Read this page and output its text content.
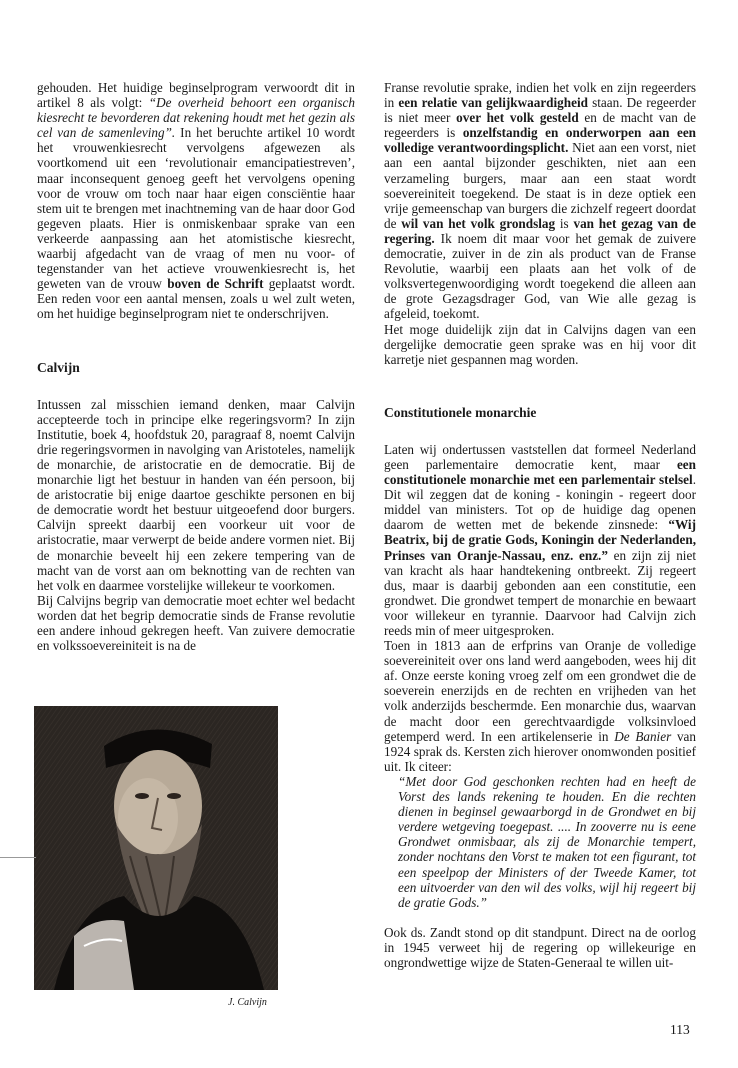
gehouden. Het huidige beginselprogram verwoordt dit in artikel 8 als volgt: “De overheid behoort een organisch kiesrecht te bevorderen dat rekening houdt met het gezin als cel van de samenleving”. In het beruchte artikel 10 wordt het vrouwenkiesrecht vervolgens afgewezen als voortkomend uit een ‘revolutionair emancipatiestreven’, maar inconsequent genoeg geeft het vervolgens opening voor de vrouw om toch naar haar eigen consciëntie haar stem uit te brengen met inachtneming van de haar door God gegeven plaats. Hier is onmiskenbaar sprake van een verkeerde aanpassing aan het atomistische kiesrecht, waarbij afgedacht van de vraag of men nu voor- of tegenstander van het actieve vrouwenkiesrecht is, het geweten van de vrouw boven de Schrift geplaatst wordt. Een reden voor een aantal mensen, zoals u wel zult weten, om het huidige beginselprogram niet te onderschrijven.

Calvijn

Intussen zal misschien iemand denken, maar Calvijn accepteerde toch in principe elke regeringsvorm? In zijn Institutie, boek 4, hoofdstuk 20, paragraaf 8, noemt Calvijn drie regeringsvormen in navolging van Aristoteles, namelijk de monarchie, de aristocratie en de democratie. Bij de monarchie ligt het bestuur in handen van één persoon, bij de aristocratie bij enige daartoe geschikte personen en bij de democratie wordt het bestuur uitgeoefend door burgers. Calvijn spreekt daarbij een voorkeur uit voor de aristocratie, maar verwerpt de beide andere vormen niet. Bij de monarchie beveelt hij een zekere tempering van de macht van de vorst aan om beknotting van de rechten van het volk en daarmee vorstelijke willekeur te voorkomen.

Bij Calvijns begrip van democratie moet echter wel bedacht worden dat het begrip democratie sinds de Franse revolutie een andere inhoud gekregen heeft. Van zuivere democratie en volkssoevereiniteit is na de

J. Calvijn

Franse revolutie sprake, indien het volk en zijn regeerders in een relatie van gelijkwaardigheid staan. De regeerder is niet meer over het volk gesteld en de macht van de regeerders is onzelfstandig en onderworpen aan een volledige verantwoordingsplicht. Niet aan een vorst, niet aan een aantal bijzonder geschikten, niet aan een verzameling burgers, maar aan een staat wordt soevereiniteit toegekend. De staat is in deze optiek een vrije gemeenschap van burgers die zichzelf regeert doordat de wil van het volk grondslag is van het gezag van de regering. Ik noem dit maar voor het gemak de zuivere democratie, zuiver in de zin als product van de Franse Revolutie, waarbij een plaats aan het volk of de volksvertegenwoordiging wordt toegekend die alleen aan de grote Gezagsdrager God, van Wie alle gezag is afgeleid, toekomt.

Het moge duidelijk zijn dat in Calvijns dagen van een dergelijke democratie geen sprake was en hij voor dit karretje niet gespannen mag worden.

Constitutionele monarchie

Laten wij ondertussen vaststellen dat formeel Nederland geen parlementaire democratie kent, maar een constitutionele monarchie met een parlementair stelsel. Dit wil zeggen dat de koning - koningin - regeert door middel van ministers. Tot op de huidige dag openen daarom de wetten met de bekende zinsnede: “Wij Beatrix, bij de gratie Gods, Koningin der Nederlanden, Prinses van Oranje-Nassau, enz. enz.” en zijn zij niet van kracht als haar handtekening ontbreekt. Zij regeert dus, maar is daarbij gebonden aan een constitutie, een grondwet. Die grondwet tempert de monarchie en bewaart voor willekeur en tyrannie. Daarvoor had Calvijn zich reeds min of meer uitgesproken.

Toen in 1813 aan de erfprins van Oranje de volledige soevereiniteit over ons land werd aangeboden, wees hij dit af. Onze eerste koning vroeg zelf om een grondwet die de soeverein enerzijds en de rechten en vrijheden van het volk anderzijds beschermde. Een monarchie dus, waarvan de macht door een gerechtvaardigde volksinvloed getemperd werd. In een artikelenserie in De Banier van 1924 sprak ds. Kersten zich hierover onomwonden positief uit. Ik citeer:

“Met door God geschonken rechten had en heeft de Vorst des lands rekening te houden. En die rechten dienen in beginsel gewaarborgd in de Grondwet en bij verdere wetgeving toegepast. .... In zooverre nu is eene Grondwet onmisbaar, als zij de Monarchie tempert, zonder nochtans den Vorst te maken tot een figurant, tot een speelpop der Ministers of der Tweede Kamer, tot een uitvoerder van den wil des volks, wijl hij regeert bij de gratie Gods.”

Ook ds. Zandt stond op dit standpunt. Direct na de oorlog in 1945 verweet hij de regering op willekeurige en ongrondwettige wijze de Staten-Generaal te willen uit-

113
